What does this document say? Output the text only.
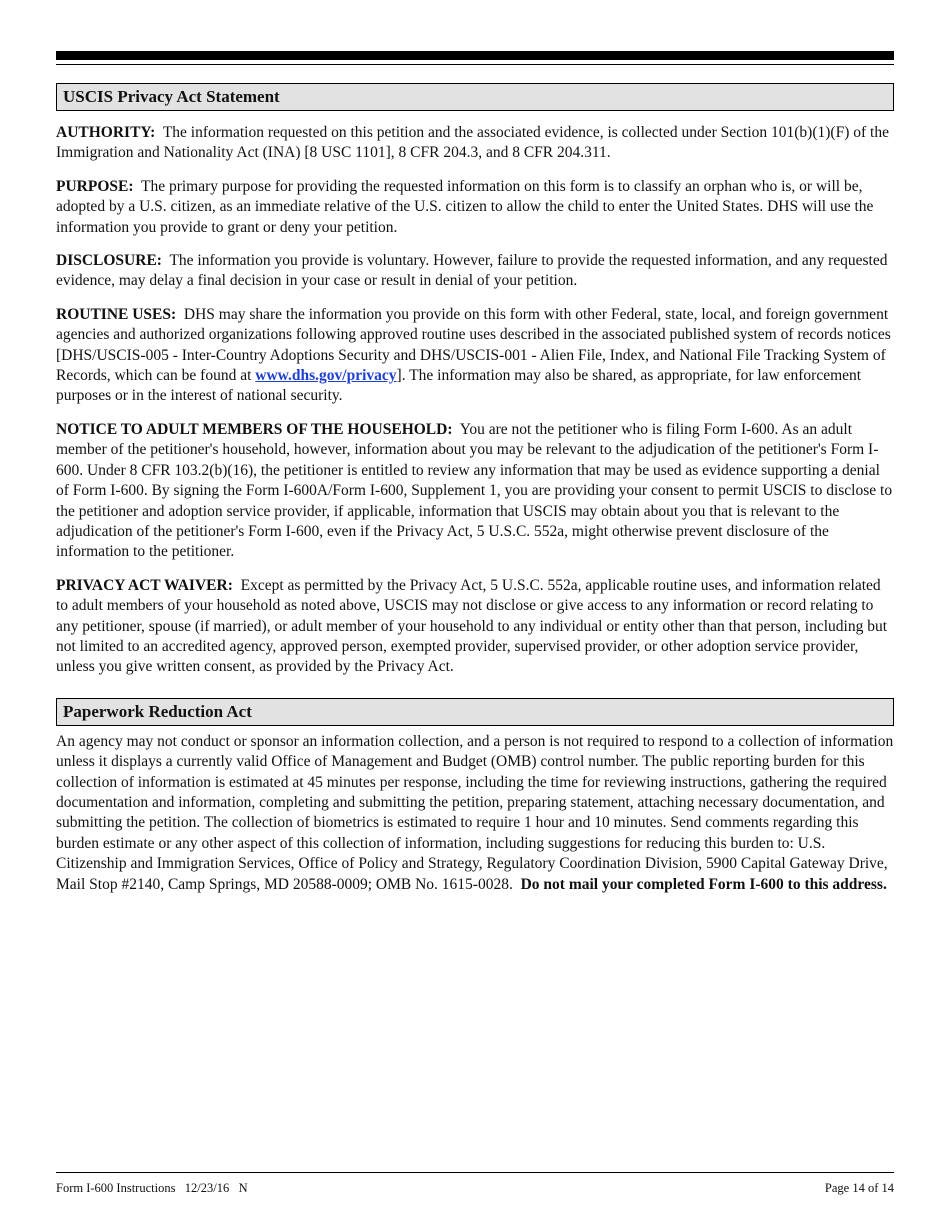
USCIS Privacy Act Statement

AUTHORITY: The information requested on this petition and the associated evidence, is collected under Section 101(b)(1)(F) of the Immigration and Nationality Act (INA) [8 USC 1101], 8 CFR 204.3, and 8 CFR 204.311.

PURPOSE: The primary purpose for providing the requested information on this form is to classify an orphan who is, or will be, adopted by a U.S. citizen, as an immediate relative of the U.S. citizen to allow the child to enter the United States. DHS will use the information you provide to grant or deny your petition.

DISCLOSURE: The information you provide is voluntary. However, failure to provide the requested information, and any requested evidence, may delay a final decision in your case or result in denial of your petition.

ROUTINE USES: DHS may share the information you provide on this form with other Federal, state, local, and foreign government agencies and authorized organizations following approved routine uses described in the associated published system of records notices [DHS/USCIS-005 - Inter-Country Adoptions Security and DHS/USCIS-001 - Alien File, Index, and National File Tracking System of Records, which can be found at www.dhs.gov/privacy]. The information may also be shared, as appropriate, for law enforcement purposes or in the interest of national security.

NOTICE TO ADULT MEMBERS OF THE HOUSEHOLD: You are not the petitioner who is filing Form I-600. As an adult member of the petitioner's household, however, information about you may be relevant to the adjudication of the petitioner's Form I-600. Under 8 CFR 103.2(b)(16), the petitioner is entitled to review any information that may be used as evidence supporting a denial of Form I-600. By signing the Form I-600A/Form I-600, Supplement 1, you are providing your consent to permit USCIS to disclose to the petitioner and adoption service provider, if applicable, information that USCIS may obtain about you that is relevant to the adjudication of the petitioner's Form I-600, even if the Privacy Act, 5 U.S.C. 552a, might otherwise prevent disclosure of the information to the petitioner.

PRIVACY ACT WAIVER: Except as permitted by the Privacy Act, 5 U.S.C. 552a, applicable routine uses, and information related to adult members of your household as noted above, USCIS may not disclose or give access to any information or record relating to any petitioner, spouse (if married), or adult member of your household to any individual or entity other than that person, including but not limited to an accredited agency, approved person, exempted provider, supervised provider, or other adoption service provider, unless you give written consent, as provided by the Privacy Act.

Paperwork Reduction Act

An agency may not conduct or sponsor an information collection, and a person is not required to respond to a collection of information unless it displays a currently valid Office of Management and Budget (OMB) control number. The public reporting burden for this collection of information is estimated at 45 minutes per response, including the time for reviewing instructions, gathering the required documentation and information, completing and submitting the petition, preparing statement, attaching necessary documentation, and submitting the petition. The collection of biometrics is estimated to require 1 hour and 10 minutes. Send comments regarding this burden estimate or any other aspect of this collection of information, including suggestions for reducing this burden to: U.S. Citizenship and Immigration Services, Office of Policy and Strategy, Regulatory Coordination Division, 5900 Capital Gateway Drive, Mail Stop #2140, Camp Springs, MD 20588-0009; OMB No. 1615-0028. Do not mail your completed Form I-600 to this address.

Form I-600 Instructions   12/23/16   N	Page 14 of 14
